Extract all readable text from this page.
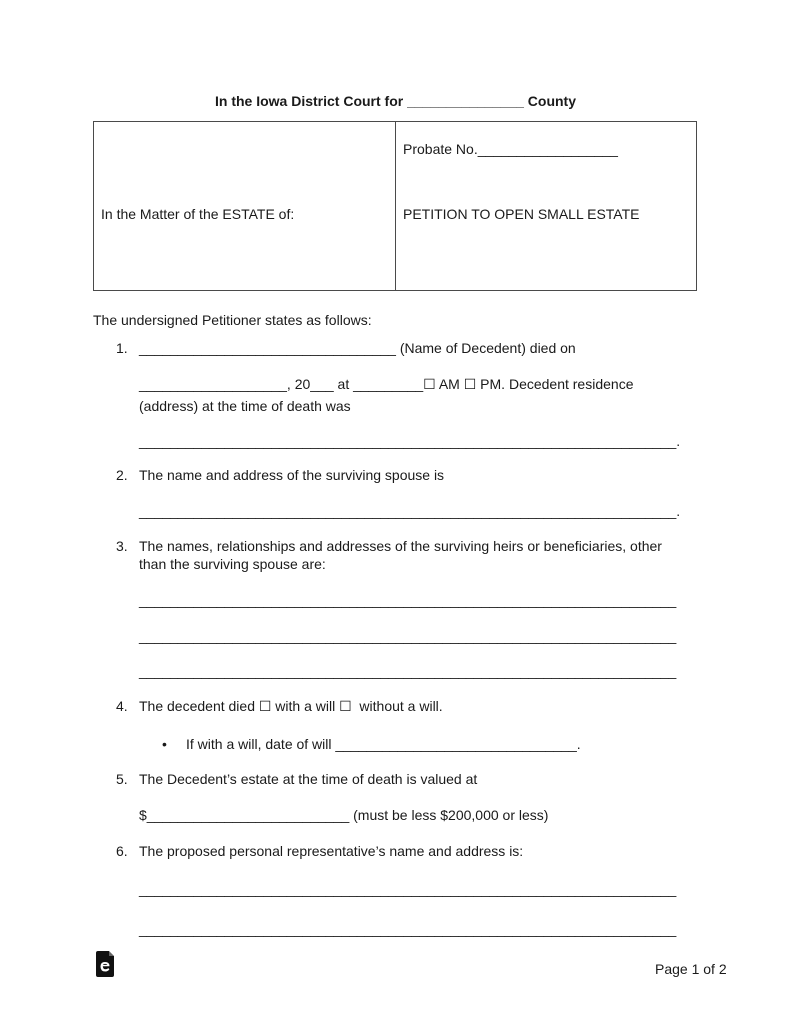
In the Iowa District Court for _______________ County
In the Matter of the ESTATE of:
Probate No.__________________
PETITION TO OPEN SMALL ESTATE
The undersigned Petitioner states as follows:
1. _________________________________ (Name of Decedent) died on
___________________, 20___ at _________☐ AM ☐ PM. Decedent residence
(address) at the time of death was
_____________________________________________________________________.
2. The name and address of the surviving spouse is
_____________________________________________________________________.
3. The names, relationships and addresses of the surviving heirs or beneficiaries, other
than the surviving spouse are:
_____________________________________________________________________
_____________________________________________________________________
_____________________________________________________________________
4. The decedent died ☐ with a will ☐  without a will.
• If with a will, date of will _______________________________.
5. The Decedent’s estate at the time of death is valued at
$__________________________ (must be less $200,000 or less)
6. The proposed personal representative’s name and address is:
_____________________________________________________________________
_____________________________________________________________________
Page 1 of 2
